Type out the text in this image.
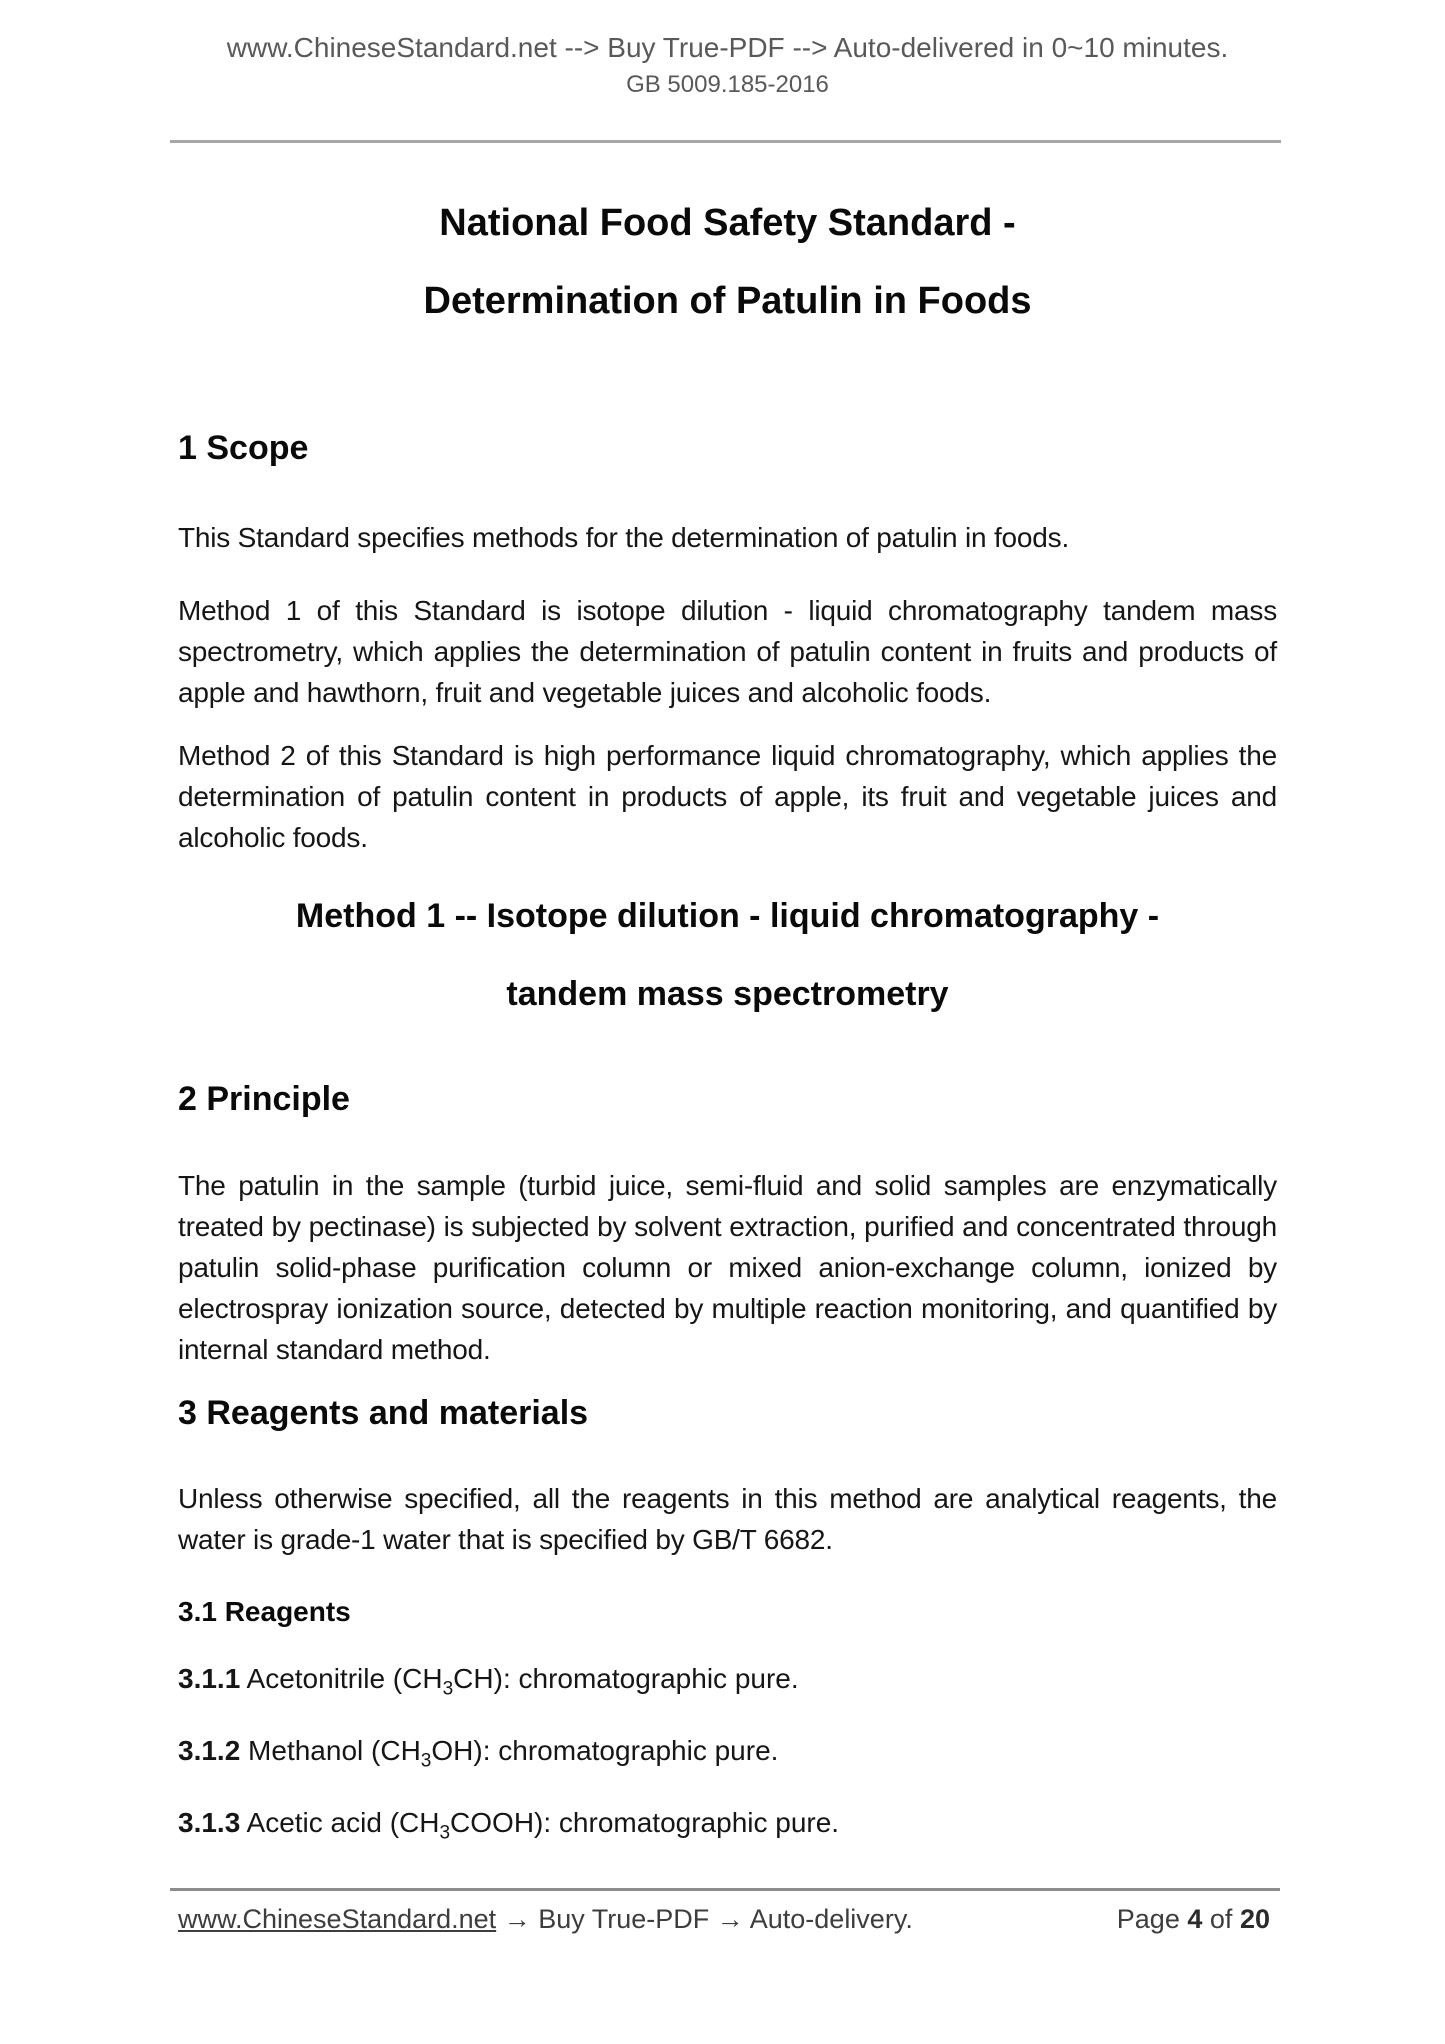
www.ChineseStandard.net --> Buy True-PDF --> Auto-delivered in 0~10 minutes.
GB 5009.185-2016
National Food Safety Standard -
Determination of Patulin in Foods
1 Scope

This Standard specifies methods for the determination of patulin in foods.

Method 1 of this Standard is isotope dilution - liquid chromatography tandem mass spectrometry, which applies the determination of patulin content in fruits and products of apple and hawthorn, fruit and vegetable juices and alcoholic foods.

Method 2 of this Standard is high performance liquid chromatography, which applies the determination of patulin content in products of apple, its fruit and vegetable juices and alcoholic foods.

Method 1 -- Isotope dilution - liquid chromatography -
tandem mass spectrometry
2 Principle

The patulin in the sample (turbid juice, semi-fluid and solid samples are enzymatically treated by pectinase) is subjected by solvent extraction, purified and concentrated through patulin solid-phase purification column or mixed anion-exchange column, ionized by electrospray ionization source, detected by multiple reaction monitoring, and quantified by internal standard method.

3 Reagents and materials

Unless otherwise specified, all the reagents in this method are analytical reagents, the water is grade-1 water that is specified by GB/T 6682.

3.1 Reagents

3.1.1 Acetonitrile $(CH_3CH)$: chromatographic pure.

3.1.2 Methanol $(CH_3OH)$: chromatographic pure.

3.1.3 Acetic acid $(CH_3COOH)$: chromatographic pure.

www.ChineseStandard.net → Buy True-PDF → Auto-delivery.	Page 4 of 20
